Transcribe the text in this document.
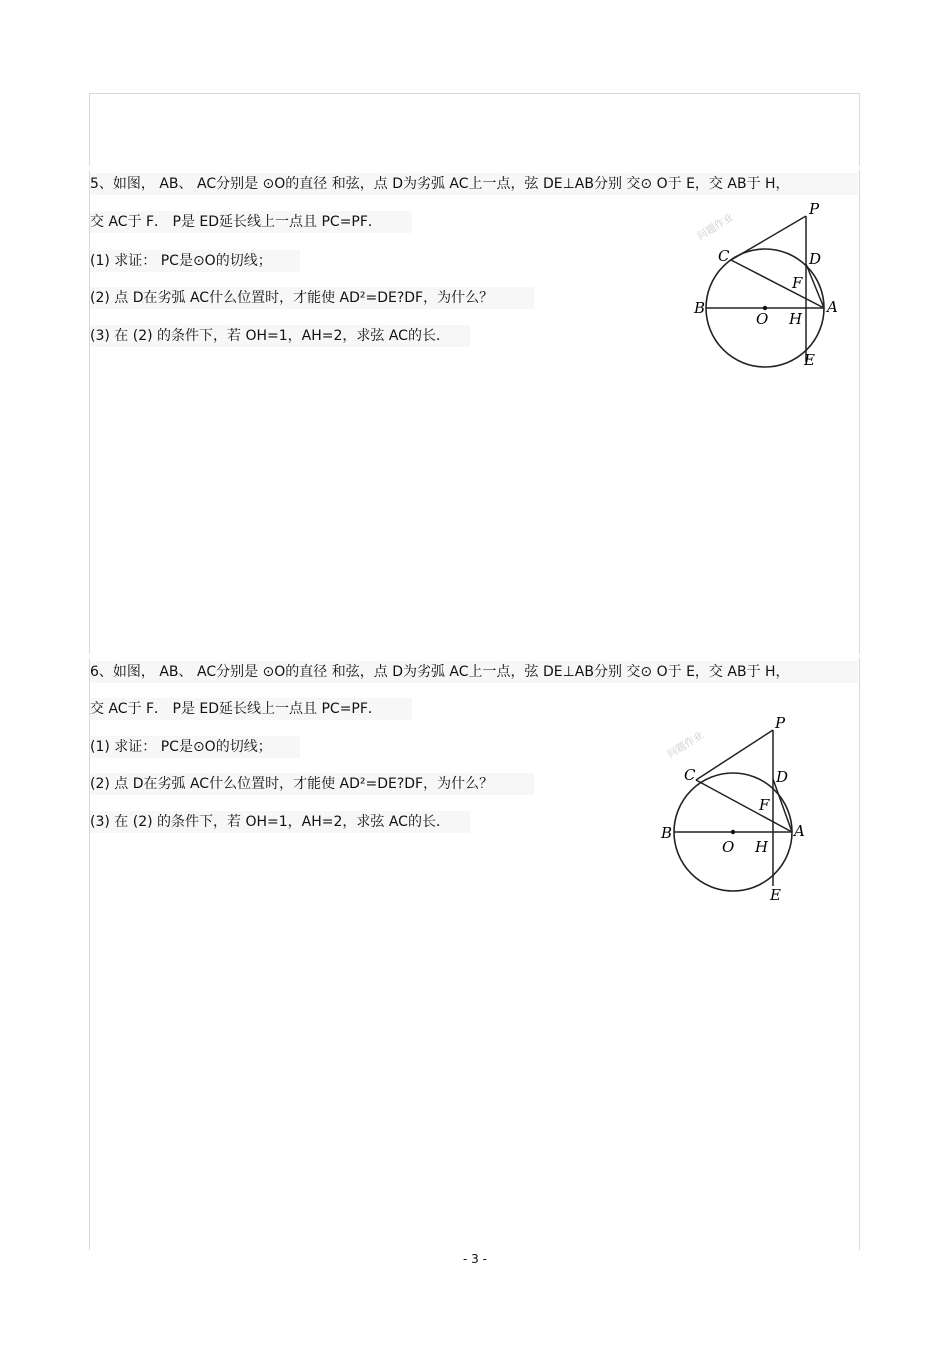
5、如图， AB、 AC分别是 ⊙O的直径 和弦，点 D为劣弧 AC上一点，弦 DE⊥AB分别 交⊙ O于 E，交 AB于 H，
交 AC于 F． P是 ED延长线上一点且 PC=PF．
(1) 求证： PC是⊙O的切线；
(2) 点 D在劣弧 AC什么位置时，才能使 AD²=DE?DF，为什么？
(3) 在 (2) 的条件下，若 OH=1，AH=2，求弦 AC的长．
问题作业
P
C	D
F
B
O H
A
E
6、如图， AB、 AC分别是 ⊙O的直径 和弦，点 D为劣弧 AC上一点，弦 DE⊥AB分别 交⊙ O于 E，交 AB于 H，
交 AC于 F． P是 ED延长线上一点且 PC=PF．
(1) 求证： PC是⊙O的切线；
(2) 点 D在劣弧 AC什么位置时，才能使 AD²=DE?DF，为什么？
(3) 在 (2) 的条件下，若 OH=1，AH=2，求弦 AC的长．
问题作业
P
C	D
F
B
O H
A
E
- 3 -
